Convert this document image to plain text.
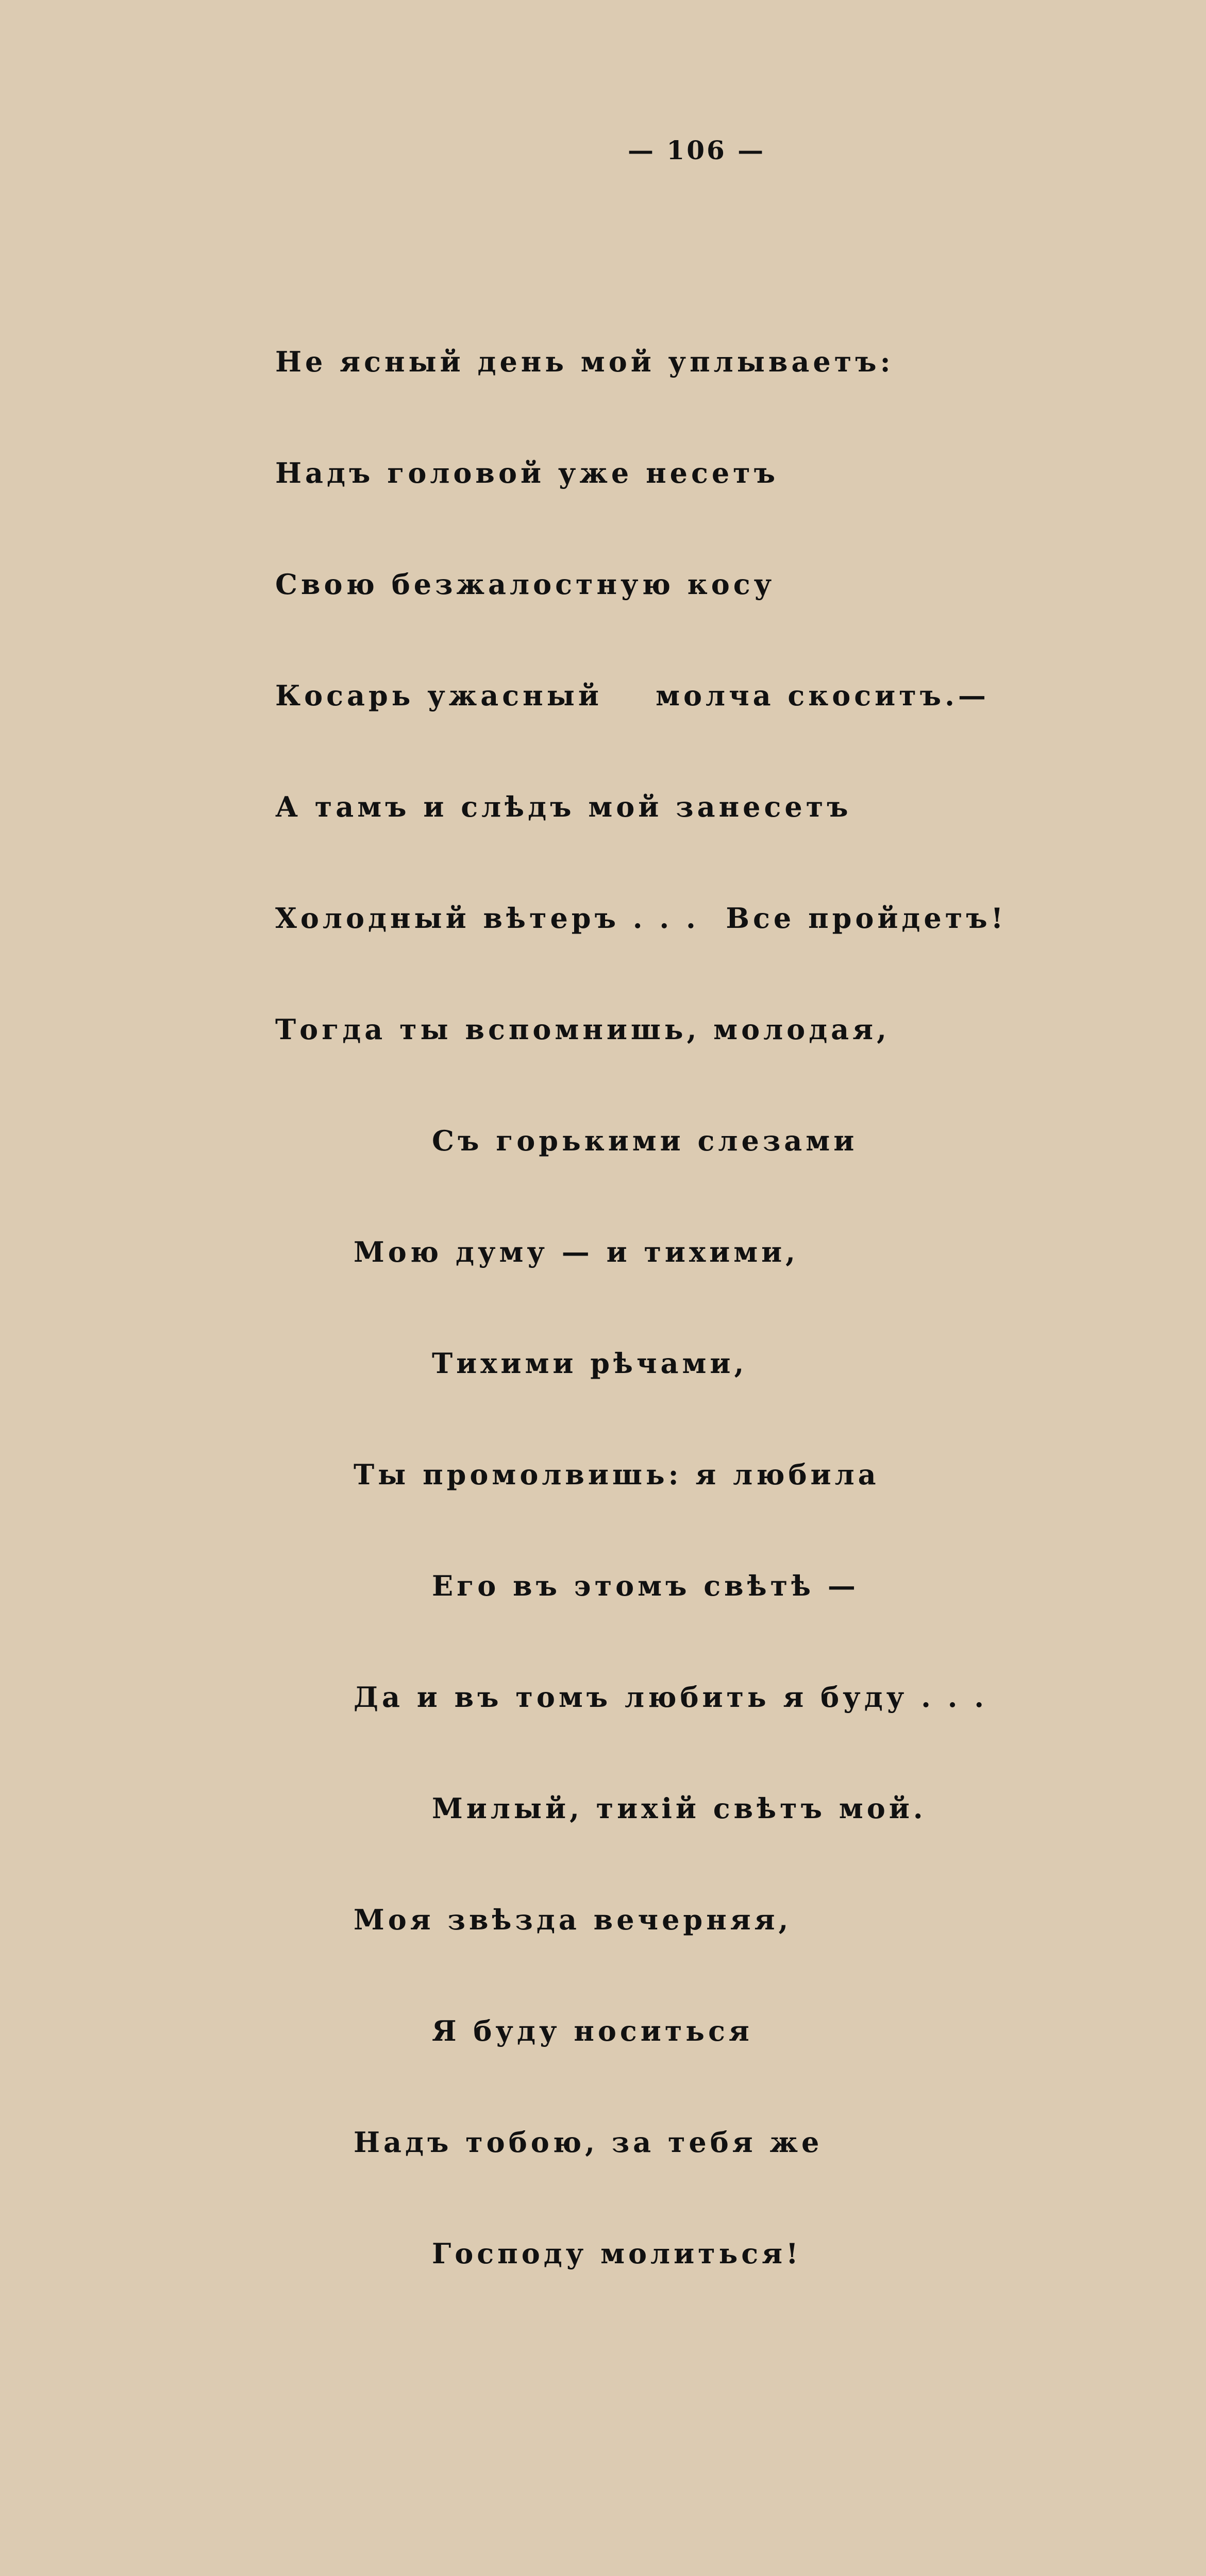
— 106 —

Не ясный день мой уплываетъ:

Надъ головой уже несетъ

Свою безжалостную косу

Косарь ужасный    молча скоситъ.—

А тамъ и слѣдъ мой занесетъ

Холодный вѣтеръ . . .  Все пройдетъ!

Тогда ты вспомнишь, молодая,

Съ горькими слезами

Мою думу — и тихими,

Тихими рѣчами,

Ты промолвишь: я любила

Его въ этомъ свѣтѣ —

Да и въ томъ любить я буду . . .

Милый, тихій свѣтъ мой.

Моя звѣзда вечерняя,

Я буду носиться

Надъ тобою, за тебя же

Господу молиться!
